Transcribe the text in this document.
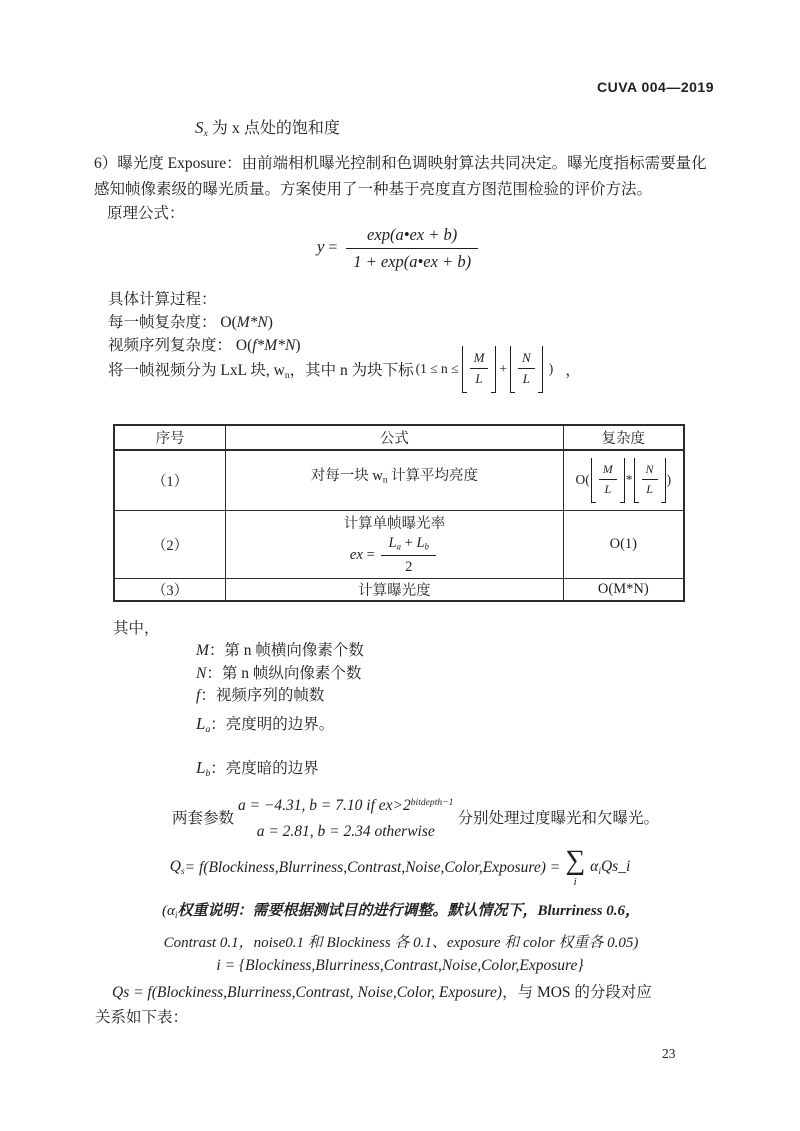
CUVA 004—2019
Sx 为 x 点处的饱和度
6）曝光度 Exposure：由前端相机曝光控制和色调映射算法共同决定。曝光度指标需要量化
感知帧像素级的曝光质量。方案使用了一种基于亮度直方图范围检验的评价方法。
原理公式：
$y = \frac{\exp(a•ex + b)}{1 + \exp(a•ex + b)}$
具体计算过程：
每一帧复杂度： O(M*N)
视频序列复杂度： O(f*M*N)
将一帧视频分为 LxL 块, wn，其中 n 为块下标 (1 ≤ n ≤
M
L
+
N
L
) ，
序号	公式	复杂度
（1）	对每一块 wn 计算平均亮度	O(
M
L
*
N
L
)

（2）	计算单帧曝光率
ex = $\frac{La + Lb}{2}$	O(1)
（3）	计算曝光度	O(M*N)
其中，
M：第 n 帧横向像素个数
N：第 n 帧纵向像素个数
f：视频序列的帧数
La：亮度明的边界。
Lb：亮度暗的边界
两套参数
a = −4.31, b = 7.10 if $ex>2^{bitdepth-1}$
a = 2.81, b = 2.34 otherwise
分别处理过度曝光和欠曝光。
Qs = f(Blockiness,Blurriness,Contrast,Noise,Color,Exposure) = ∑
i
αiQs_i
(αi权重说明：需要根据测试目的进行调整。默认情况下，Blurriness 0.6，
Contrast 0.1，noise0.1 和 Blockiness 各 0.1、exposure 和 color 权重各 0.05)
i = {Blockiness,Blurriness,Contrast,Noise,Color,Exposure}
Qs = f(Blockiness,Blurriness,Contrast, Noise,Color, Exposure)，与 MOS 的分段对应
关系如下表：
23
